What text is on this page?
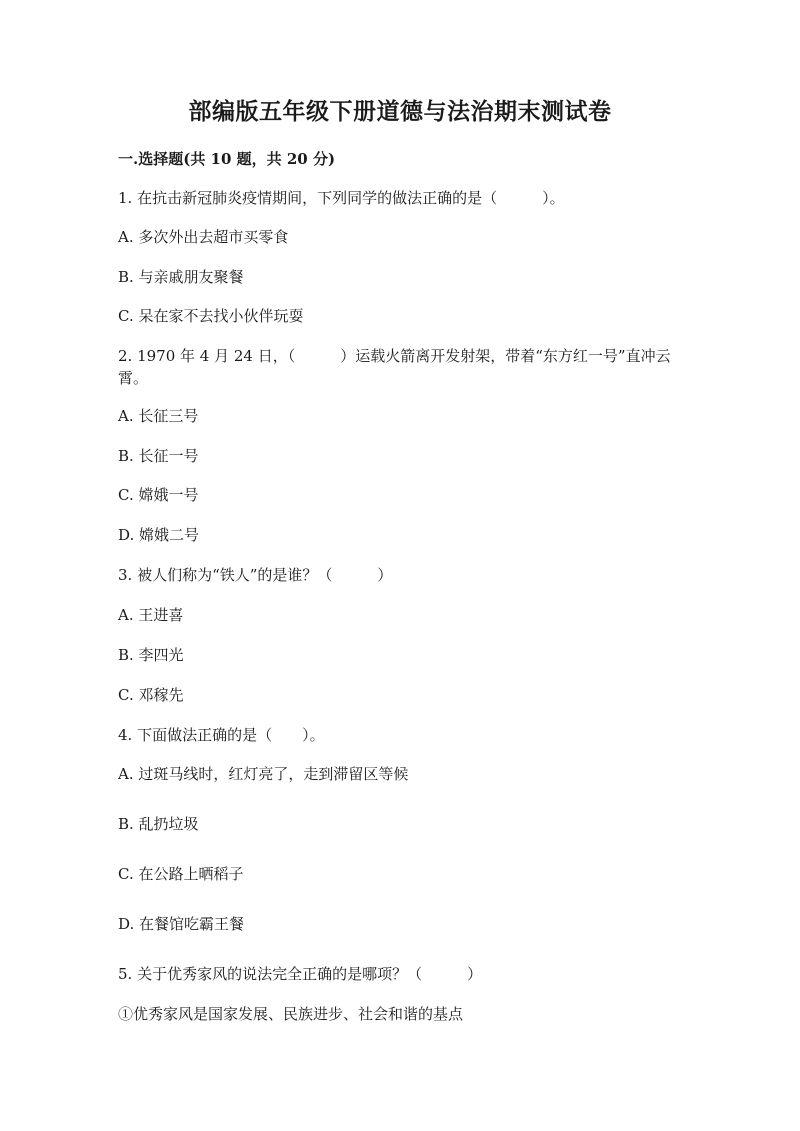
部编版五年级下册道德与法治期末测试卷
一.选择题(共 10 题，共 20 分)
1. 在抗击新冠肺炎疫情期间，下列同学的做法正确的是（　　　）。
A. 多次外出去超市买零食
B. 与亲戚朋友聚餐
C. 呆在家不去找小伙伴玩耍
2. 1970 年 4 月 24 日，（　　　）运载火箭离开发射架，带着“东方红一号”直冲云霄。
A. 长征三号
B. 长征一号
C. 嫦娥一号
D. 嫦娥二号
3. 被人们称为“铁人”的是谁？（　　　）
A. 王进喜
B. 李四光
C. 邓稼先
4. 下面做法正确的是（　　）。
A. 过斑马线时，红灯亮了，走到滞留区等候
B. 乱扔垃圾
C. 在公路上晒稻子
D. 在餐馆吃霸王餐
5. 关于优秀家风的说法完全正确的是哪项？（　　　）
①优秀家风是国家发展、民族进步、社会和谐的基点
